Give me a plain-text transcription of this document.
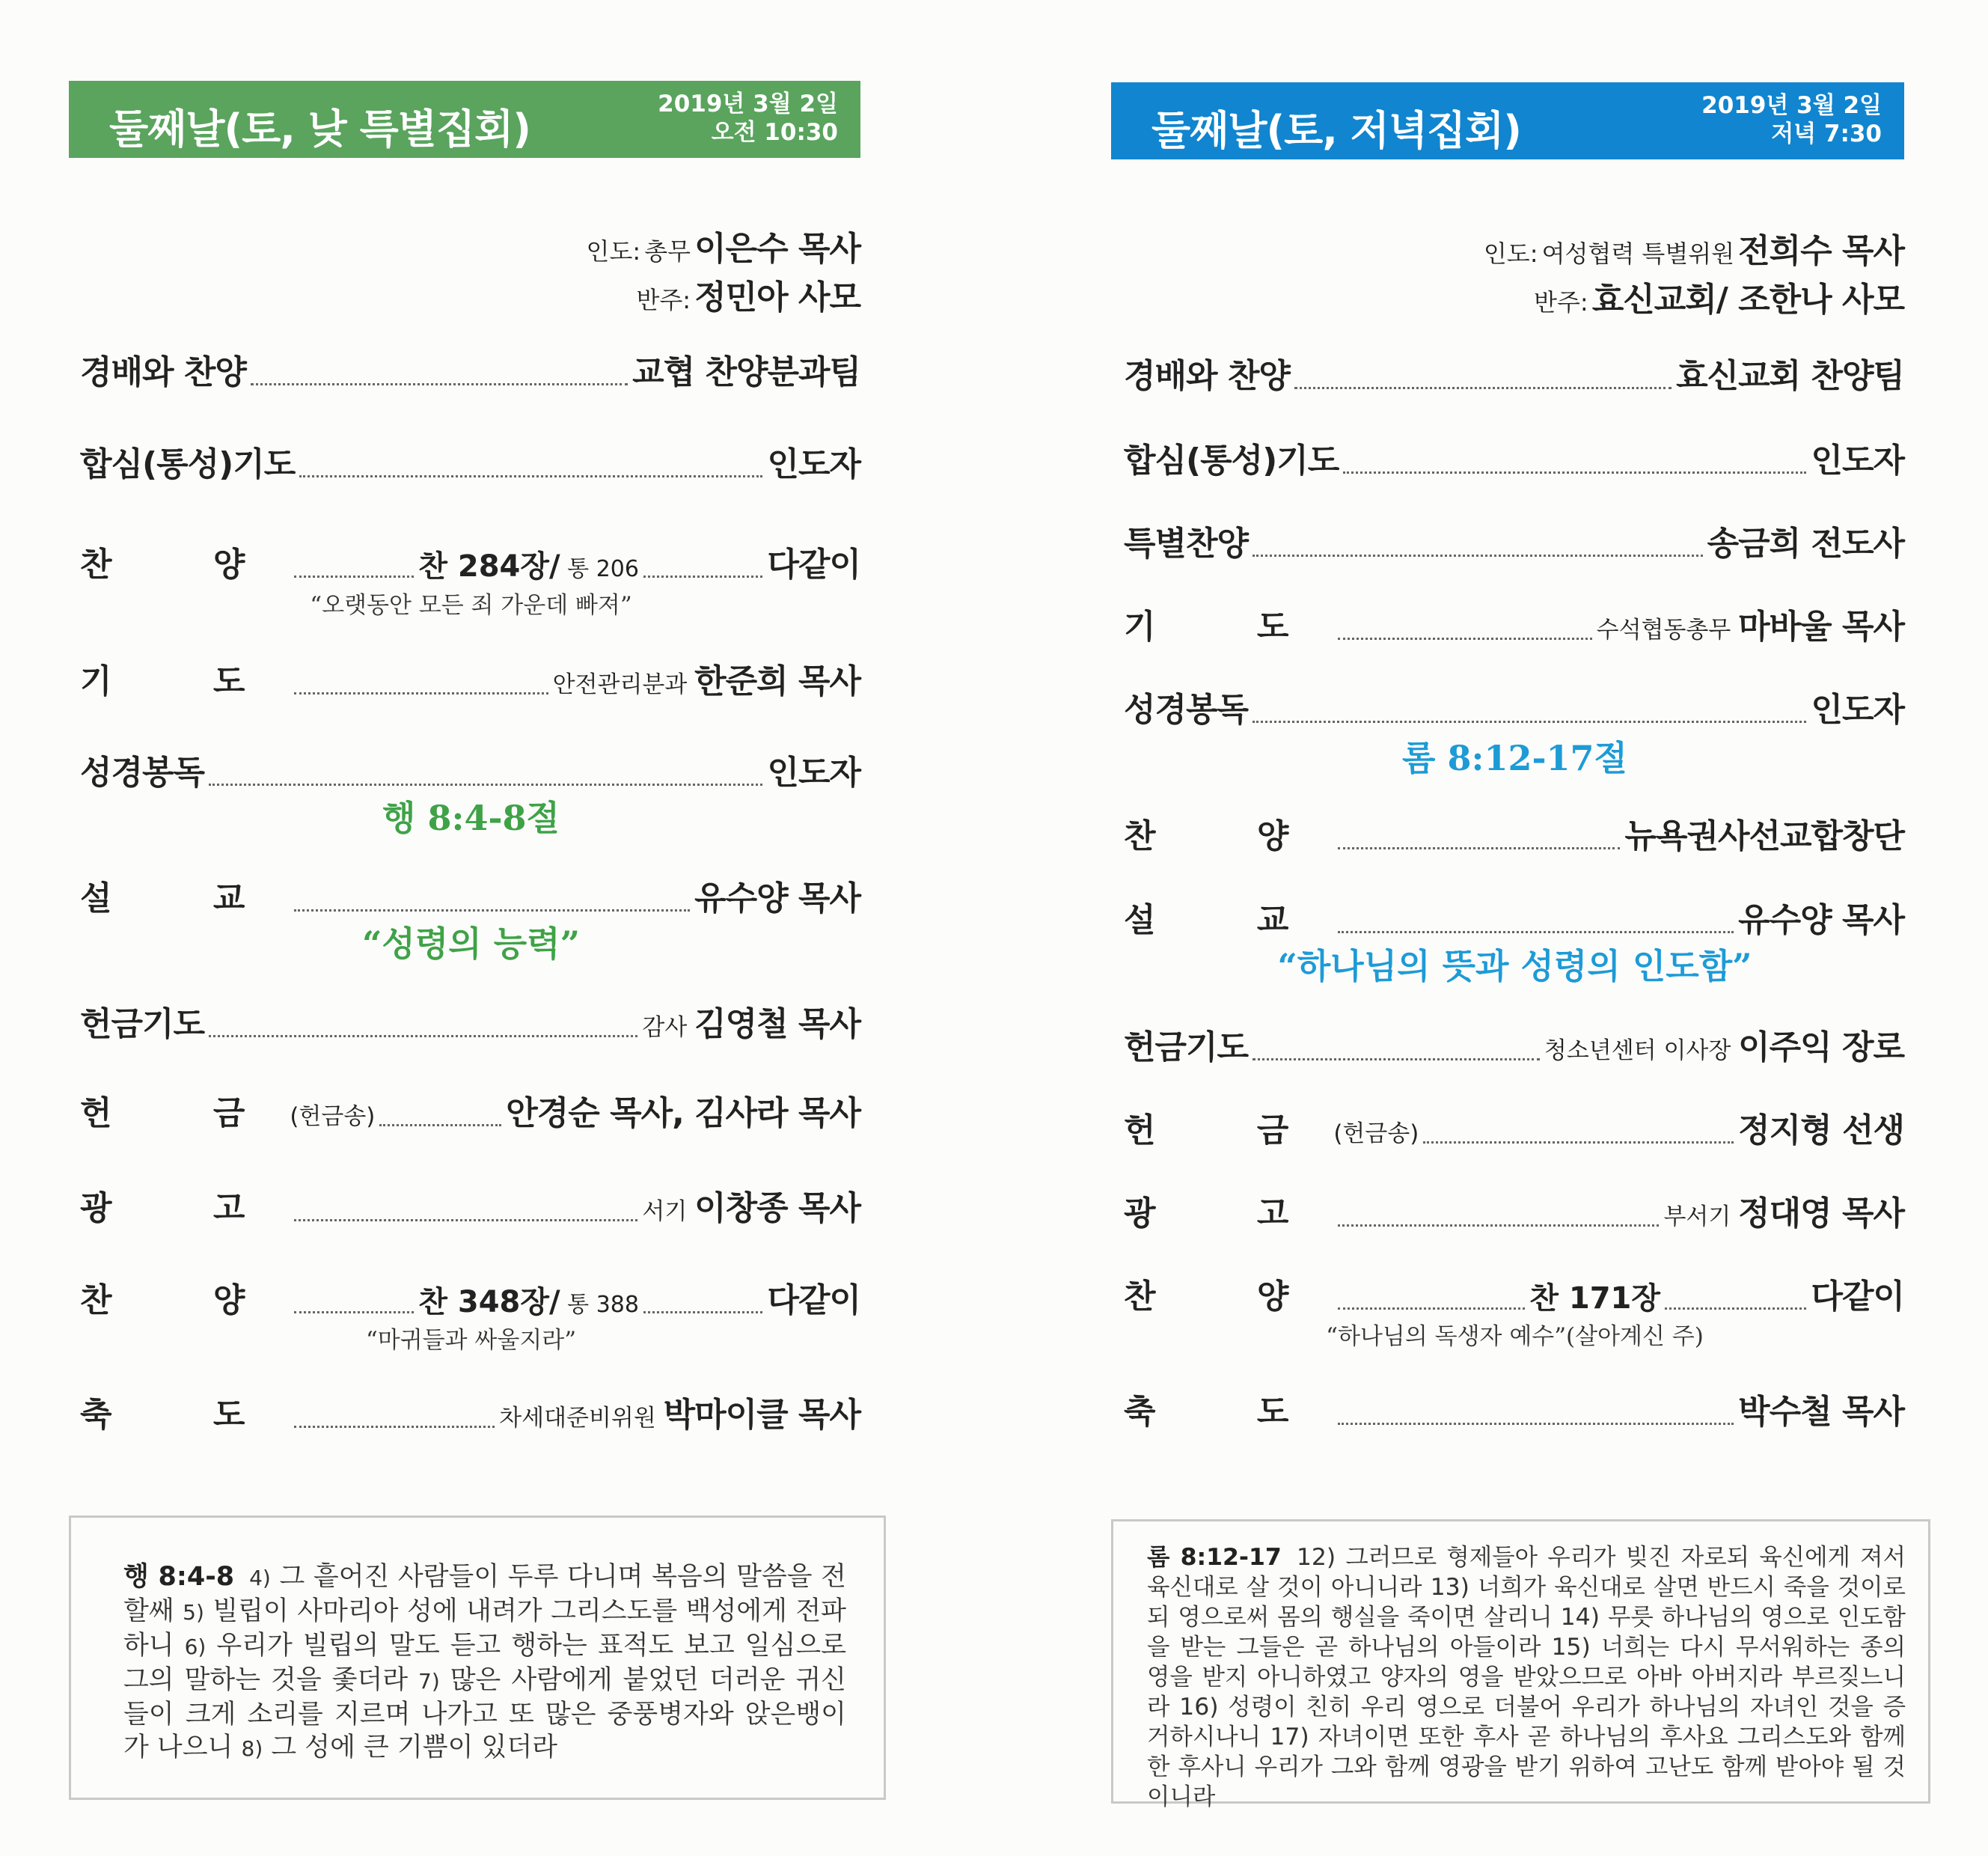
둘째날(토, 낮 특별집회)
2019년 3월 2일
오전 10:30
인도: 총무 이은수 목사
반주: 정민아 사모
경배와 찬양	교협 찬양분과팀
합심(통성)기도	인도자
찬 양	찬 284장/ 통 206	다같이
“오랫동안 모든 죄 가운데 빠져”
기 도	안전관리분과 한준희 목사
성경봉독	인도자
행 8:4-8절
설 교	유수양 목사
“성령의 능력”
헌금기도	감사 김영철 목사
헌 금(헌금송)	안경순 목사, 김사라 목사
광 고	서기 이창종 목사
찬 양	찬 348장/ 통 388	다같이
“마귀들과 싸울지라”
축 도	차세대준비위원 박마이클 목사
행 8:4-8 4) 그 흩어진 사람들이 두루 다니며 복음의 말씀을 전할쌔 5) 빌립이 사마리아 성에 내려가 그리스도를 백성에게 전파하니 6) 우리가 빌립의 말도 듣고 행하는 표적도 보고 일심으로 그의 말하는 것을 좇더라 7) 많은 사람에게 붙었던 더러운 귀신들이 크게 소리를 지르며 나가고 또 많은 중풍병자와 앉은뱅이가 나으니 8) 그 성에 큰 기쁨이 있더라
둘째날(토, 저녁집회)
2019년 3월 2일
저녁 7:30
인도: 여성협력 특별위원 전희수 목사
반주: 효신교회/ 조한나 사모
경배와 찬양	효신교회 찬양팀
합심(통성)기도	인도자
특별찬양	송금희 전도사
기 도	수석협동총무 마바울 목사
성경봉독	인도자
롬 8:12-17절
찬 양	뉴욕권사선교합창단
설 교	유수양 목사
“하나님의 뜻과 성령의 인도함”
헌금기도	청소년센터 이사장 이주익 장로
헌 금(헌금송)	정지형 선생
광 고	부서기 정대영 목사
찬 양	찬 171장	다같이
“하나님의 독생자 예수”(살아계신 주)
축 도	박수철 목사
롬 8:12-17 12) 그러므로 형제들아 우리가 빚진 자로되 육신에게 져서 육신대로 살 것이 아니니라 13) 너희가 육신대로 살면 반드시 죽을 것이로되 영으로써 몸의 행실을 죽이면 살리니 14) 무릇 하나님의 영으로 인도함을 받는 그들은 곧 하나님의 아들이라 15) 너희는 다시 무서워하는 종의 영을 받지 아니하였고 양자의 영을 받았으므로 아바 아버지라 부르짖느니라 16) 성령이 친히 우리 영으로 더불어 우리가 하나님의 자녀인 것을 증거하시나니 17) 자녀이면 또한 후사 곧 하나님의 후사요 그리스도와 함께한 후사니 우리가 그와 함께 영광을 받기 위하여 고난도 함께 받아야 될 것이니라
